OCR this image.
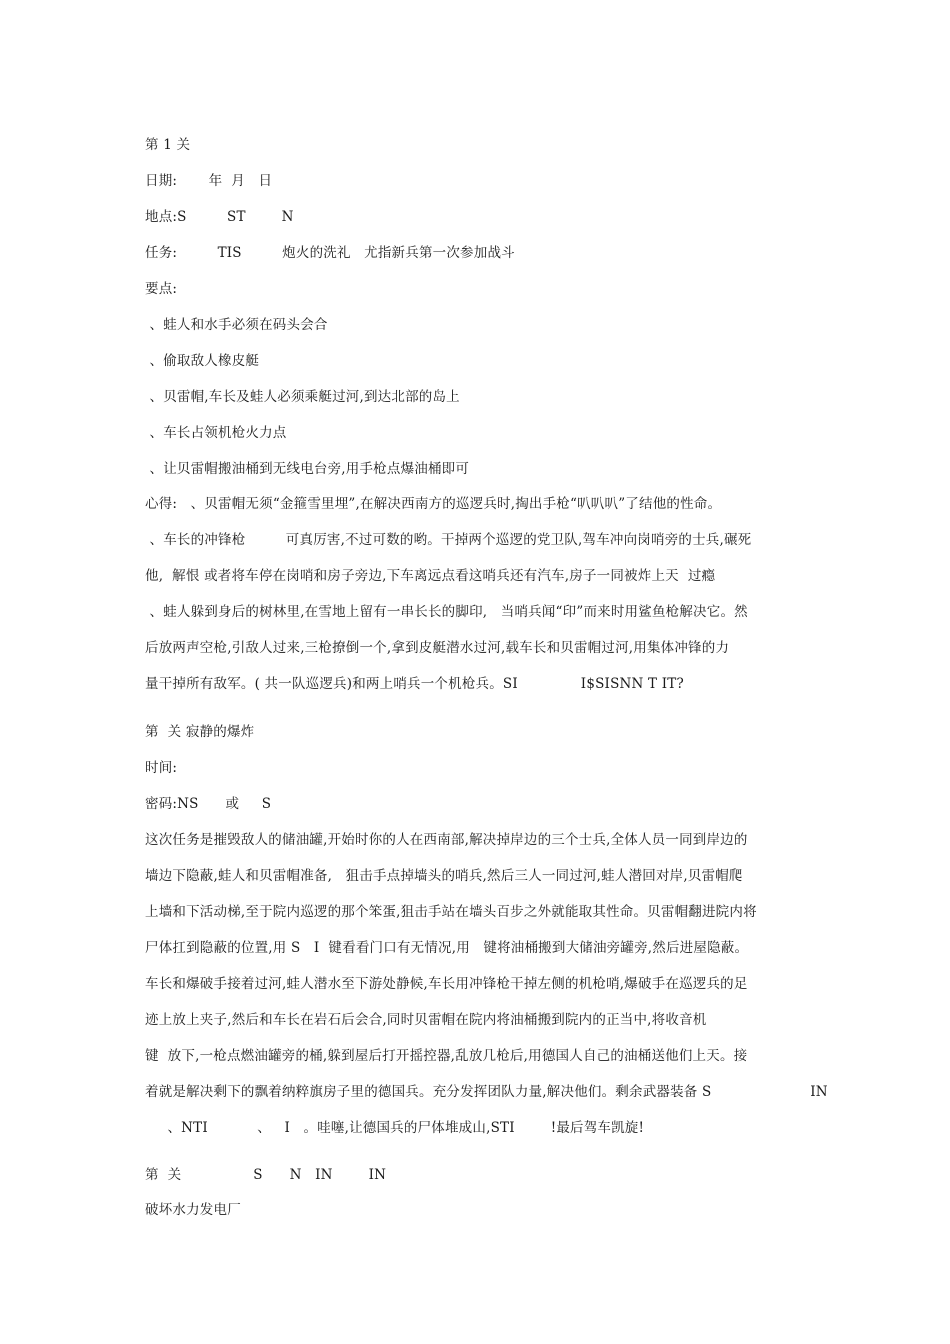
第 1 关
日期:       年  月   日
地点:S         ST        N
任务:         TIS         炮火的洗礼   尤指新兵第一次参加战斗
要点:
、蛙人和水手必须在码头会合
、偷取敌人橡皮艇
、贝雷帽,车长及蛙人必须乘艇过河,到达北部的岛上
、车长占领机枪火力点
、让贝雷帽搬油桶到无线电台旁,用手枪点爆油桶即可
心得:   、贝雷帽无须“金箍雪里埋”,在解决西南方的巡逻兵时,掏出手枪“叭叭叭”了结他的性命。
、车长的冲锋枪         可真厉害,不过可数的哟。干掉两个巡逻的党卫队,驾车冲向岗哨旁的士兵,碾死
他,  解恨 或者将车停在岗哨和房子旁边,下车离远点看这哨兵还有汽车,房子一同被炸上天  过瘾
、蛙人躲到身后的树林里,在雪地上留有一串长长的脚印,   当哨兵闻“印”而来时用鲨鱼枪解决它。然
后放两声空枪,引敌人过来,三枪撩倒一个,拿到皮艇潜水过河,载车长和贝雷帽过河,用集体冲锋的力
量干掉所有敌军。( 共一队巡逻兵)和两上哨兵一个机枪兵。SI              I$SISNN T IT?
第  关 寂静的爆炸
时间:
密码:NS      或     S
这次任务是摧毁敌人的储油罐,开始时你的人在西南部,解决掉岸边的三个士兵,全体人员一同到岸边的
墙边下隐蔽,蛙人和贝雷帽准备,   狙击手点掉墙头的哨兵,然后三人一同过河,蛙人潜回对岸,贝雷帽爬
上墙和下活动梯,至于院内巡逻的那个笨蛋,狙击手站在墙头百步之外就能取其性命。贝雷帽翻进院内将
尸体扛到隐蔽的位置,用 S   I  键看看门口有无情况,用   键将油桶搬到大储油旁罐旁,然后进屋隐蔽。
车长和爆破手接着过河,蛙人潜水至下游处静候,车长用冲锋枪干掉左侧的机枪哨,爆破手在巡逻兵的足
迹上放上夹子,然后和车长在岩石后会合,同时贝雷帽在院内将油桶搬到院内的正当中,将收音机
键  放下,一枪点燃油罐旁的桶,躲到屋后打开摇控器,乱放几枪后,用德国人自己的油桶送他们上天。接
着就是解决剩下的飘着纳粹旗房子里的德国兵。充分发挥团队力量,解决他们。剩余武器装备 S                      IN
、NTI           、   I   。哇噻,让德国兵的尸体堆成山,STI        !最后驾车凯旋!
第  关                S      N   IN        IN
破坏水力发电厂
